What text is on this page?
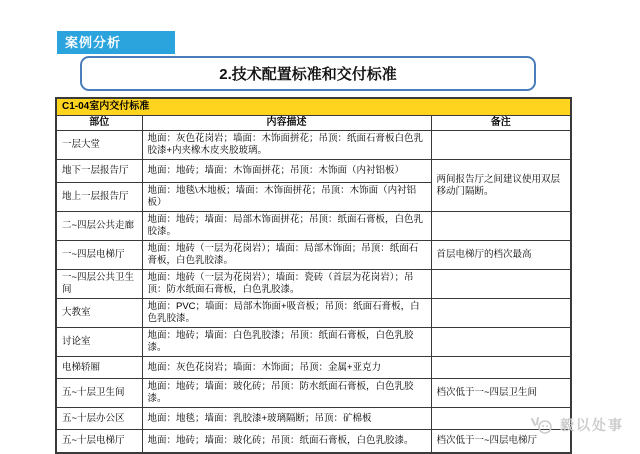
案例分析
2.技术配置标准和交付标准
C1-04室内交付标准		
部位	内容描述	备注
一层大堂	地面：灰色花岗岩；墙面：木饰面拼花；吊顶：纸面石膏板白色乳胶漆+内夹橡木皮夹胶玻璃。	
地下一层报告厅	地面：地砖；墙面：木饰面拼花；吊顶：木饰面（内衬铝板）	两间报告厅之间建议使用双层移动门隔断。
地上一层报告厅	地面：地毯\木地板；墙面：木饰面拼花；吊顶：木饰面（内衬铝板）	
二~四层公共走廊	地面：地砖；墙面：局部木饰面拼花；吊顶：纸面石膏板，白色乳胶漆。	
一~四层电梯厅	地面：地砖（一层为花岗岩）；墙面：局部木饰面；吊顶：纸面石膏板，白色乳胶漆。	首层电梯厅的档次最高
一~四层公共卫生间	地面：地砖（一层为花岗岩）；墙面：瓷砖（首层为花岗岩）；吊顶：防水纸面石膏板，白色乳胶漆。	
大教室	地面：PVC；墙面：局部木饰面+吸音板；吊顶：纸面石膏板，白色乳胶漆。	
讨论室	地面：地砖；墙面：白色乳胶漆；吊顶：纸面石膏板，白色乳胶漆。	
电梯轿厢	地面：灰色花岗岩；墙面：木饰面；吊顶：金属+亚克力	
五~十层卫生间	地面：地砖；墙面：玻化砖；吊顶：防水纸面石膏板，白色乳胶漆。	档次低于一~四层卫生间
五~十层办公区	地面：地毯；墙面：乳胶漆+玻璃隔断；吊顶：矿棉板	
五~十层电梯厅	地面：地砖；墙面：玻化砖；吊顶：纸面石膏板，白色乳胶漆。	档次低于一~四层电梯厅
毅以处事
